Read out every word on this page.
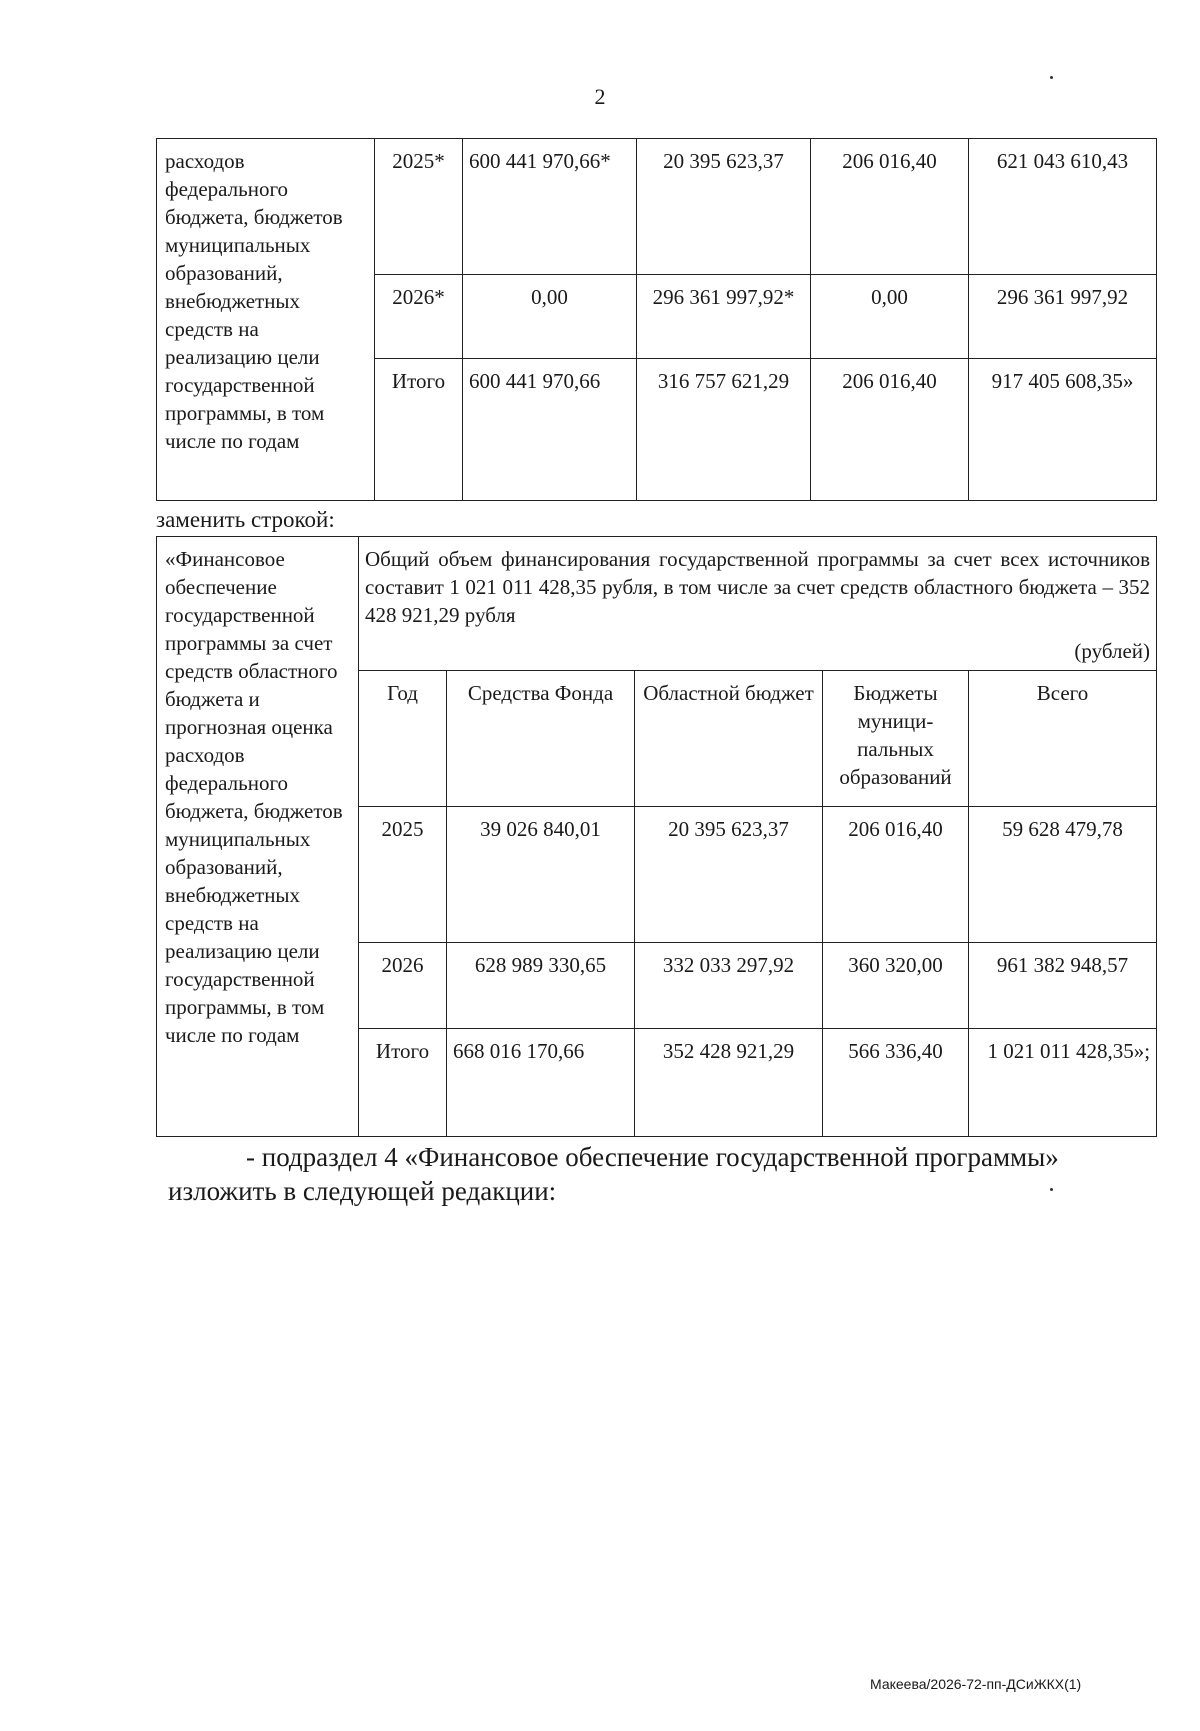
2
расходов федерального бюджета, бюджетов муниципальных образований, внебюджетных средств на реализацию цели государственной программы, в том числе по годам	2025*	600 441 970,66*	20 395 623,37	206 016,40	621 043 610,43
	2026*	0,00	296 361 997,92*	0,00	296 361 997,92
	Итого	600 441 970,66	316 757 621,29	206 016,40	917 405 608,35»
заменить строкой:
«Финансовое обеспечение государственной программы за счет средств областного бюджета и прогнозная оценка расходов федерального бюджета, бюджетов муниципальных образований, внебюджетных средств на реализацию цели государственной программы, в том числе по годам	Общий объем финансирования государственной программы за счет всех источников составит 1 021 011 428,35 рубля, в том числе за счет средств областного бюджета – 352 428 921,29 рубля
(рублей)				

	Год	Средства Фонда	Областной бюджет	Бюджеты муници-пальных образований	Всего
	2025	39 026 840,01	20 395 623,37	206 016,40	59 628 479,78
	2026	628 989 330,65	332 033 297,92	360 320,00	961 382 948,57
	Итого	668 016 170,66	352 428 921,29	566 336,40	1 021 011 428,35»;
- подраздел 4 «Финансовое обеспечение государственной программы»
изложить в следующей редакции:
Макеева/2026-72-пп-ДСиЖКХ(1)
